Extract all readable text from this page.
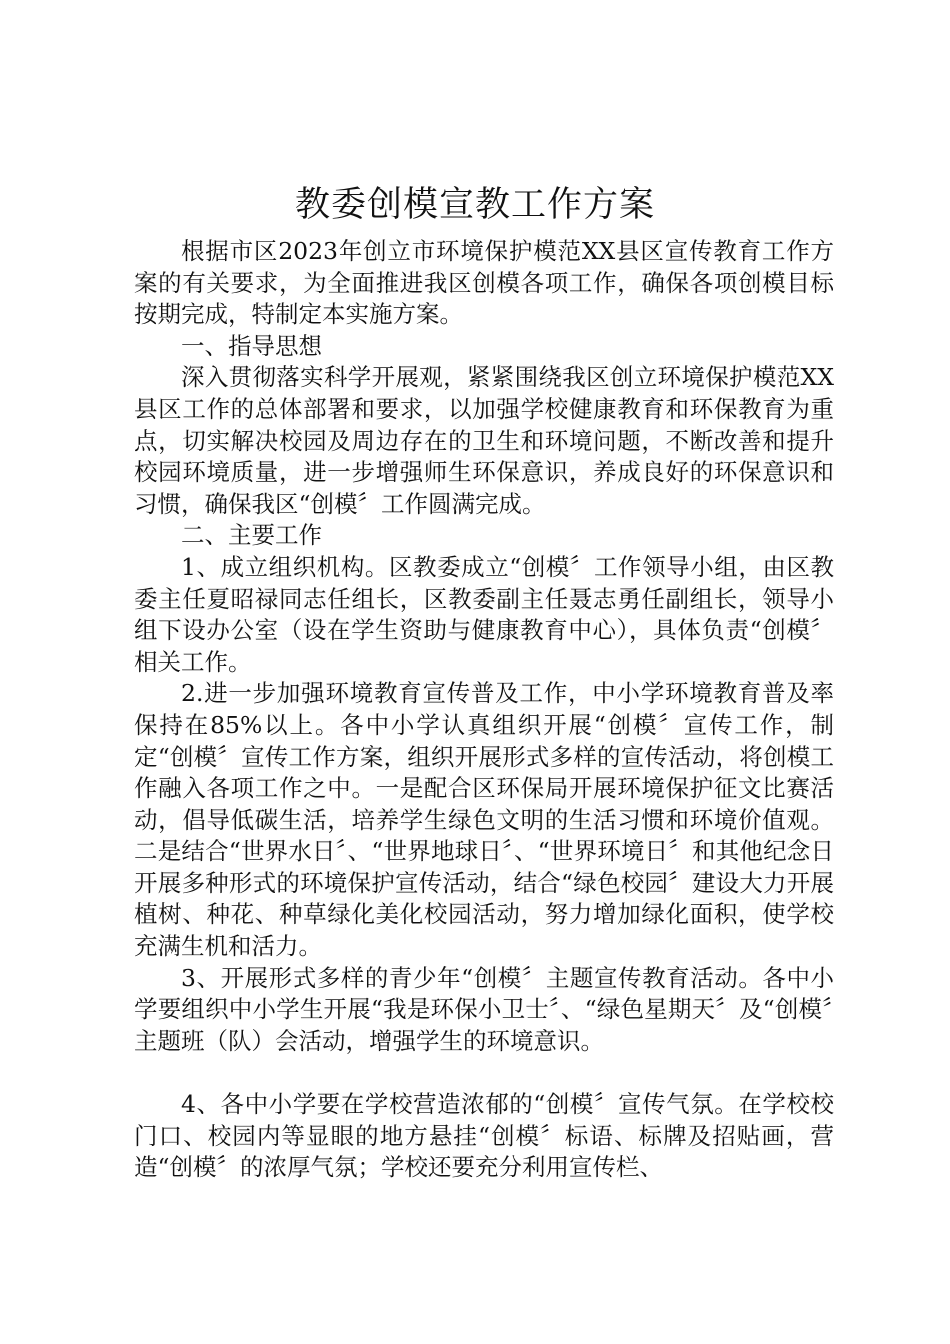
教委创模宣教工作方案

根据市区2023年创立市环境保护模范XX县区宣传教育工作方案的有关要求，为全面推进我区创模各项工作，确保各项创模目标按期完成，特制定本实施方案。

一、指导思想

深入贯彻落实科学开展观，紧紧围绕我区创立环境保护模范XX县区工作的总体部署和要求，以加强学校健康教育和环保教育为重点，切实解决校园及周边存在的卫生和环境问题，不断改善和提升校园环境质量，进一步增强师生环保意识，养成良好的环保意识和习惯，确保我区“创模〞工作圆满完成。

二、主要工作

1、成立组织机构。区教委成立“创模〞工作领导小组，由区教委主任夏昭禄同志任组长，区教委副主任聂志勇任副组长，领导小组下设办公室（设在学生资助与健康教育中心），具体负责“创模〞相关工作。

2.进一步加强环境教育宣传普及工作，中小学环境教育普及率保持在85%以上。各中小学认真组织开展“创模〞宣传工作，制定“创模〞宣传工作方案，组织开展形式多样的宣传活动，将创模工作融入各项工作之中。一是配合区环保局开展环境保护征文比赛活动，倡导低碳生活，培养学生绿色文明的生活习惯和环境价值观。二是结合“世界水日〞、“世界地球日〞、“世界环境日〞和其他纪念日开展多种形式的环境保护宣传活动，结合“绿色校园〞建设大力开展植树、种花、种草绿化美化校园活动，努力增加绿化面积，使学校充满生机和活力。

3、开展形式多样的青少年“创模〞主题宣传教育活动。各中小学要组织中小学生开展“我是环保小卫士〞、“绿色星期天〞及“创模〞主题班（队）会活动，增强学生的环境意识。

4、各中小学要在学校营造浓郁的“创模〞宣传气氛。在学校校门口、校园内等显眼的地方悬挂“创模〞标语、标牌及招贴画，营造“创模〞的浓厚气氛；学校还要充分利用宣传栏、
